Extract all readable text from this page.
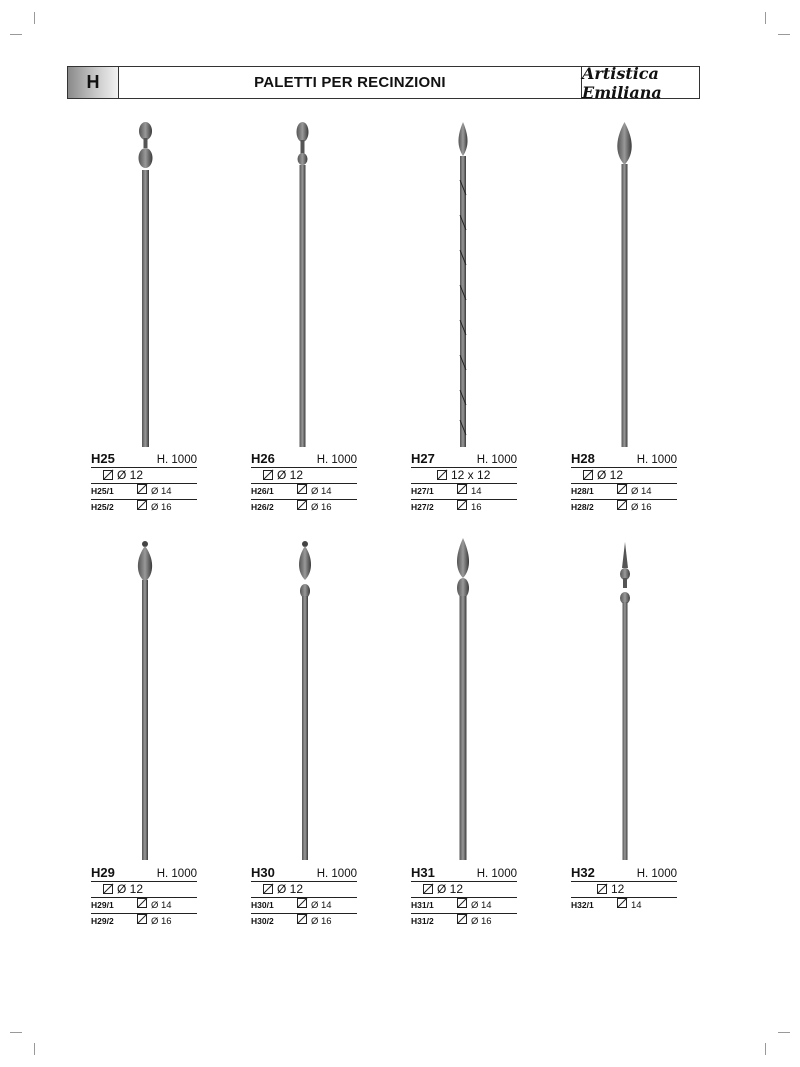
H	PALETTI PER RECINZIONI	Artistica Emiliana
H25	H. 1000
Ø 12
H25/1	Ø 14
H25/2	Ø 16
H26	H. 1000
Ø 12
H26/1	Ø 14
H26/2	Ø 16
H27	H. 1000
12 x 12
H27/1	14
H27/2	16
H28	H. 1000
Ø 12
H28/1	Ø 14
H28/2	Ø 16
H29	H. 1000
Ø 12
H29/1	Ø 14
H29/2	Ø 16
H30	H. 1000
Ø 12
H30/1	Ø 14
H30/2	Ø 16
H31	H. 1000
Ø 12
H31/1	Ø 14
H31/2	Ø 16
H32	H. 1000
12
H32/1	14
